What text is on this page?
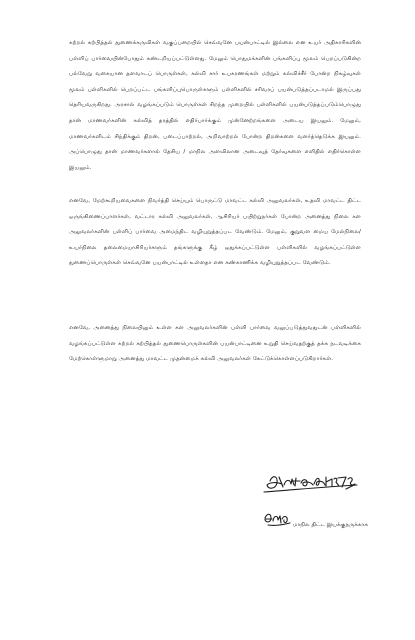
கற்றல் கற்பித்தல் துணைக்கருவிகள் வகுப்பறையில் செவ்வனே பயன்பாட்டில் இல்லை என உயர் அதிகாரிகளின் பள்ளிப் பார்வையின்போதும் கண்டறியப்பட்டுள்ளது. மேலும் பொதுமக்களின் பங்களிப்பு மூலம் பெறப்படுகின்ற பல்வேறு வகையான தளவாடப் பொருள்கள், கல்வி சார் உபகரணங்கள் மற்றும் கல்விச்சீர் போன்ற நிகழ்வுகள் மூலம் பள்ளிகளில் பெறப்பட்ட பங்களிப்புபொருள்களும் பள்ளிகளில் சரிவரப் பயன்படுத்தப்படாமல் இருப்பது தெரியவருகிறது. அரசால் வழங்கப்படும் பொருள்கள் சிறந்த முறையில் பள்ளிகளில் பயன்படுத்தப்படும்பொழுது தான் மாணவர்களின் கல்வித் தரத்தில் எதிர்பார்க்கும் முன்னேற்றங்களை அடைய இயலும். மேலும், மாணவர்களிடம் சிந்திக்கும் திறன், படைப்பாற்றல், அறிவாற்றல் போன்ற திறன்களை வளர்த்தெடுக்க இயலும். அப்பொழுது தான் மாணவர்களால் தேசிய / மாநில அளவிலான அடைவுத் தேர்வுகளை எளிதில் எதிர்கொள்ள இயலும்.

எனவே, மேற்கூறியவைகளை நிவர்த்தி செய்யும் பொருட்டு மாவட்ட கல்வி அலுவலர்கள், உதவி மாவட்ட திட்ட ஒருங்கிணைப்பாளர்கள், வட்டார கல்வி அலுவலர்கள், ஆசிரியர் பயிற்றுநர்கள் போன்ற அனைத்து நிலை கள அலுவலர்களின் பள்ளிப் பார்வை அமைந்திட வழியுறுத்தப்பட வேண்டும். மேலும், குறுவள மைய மேல்நிலை/உயர்நிலை தலைமையாசிரியர்களும் தங்களுக்கு கீழ் ஒதுக்கப்பட்டுள்ள பள்ளிகளில் வழங்கப்பட்டுள்ள துணைப்பொருள்கள் செவ்வனே பயன்பாட்டில் உள்ளதா என கண்காணிக்க வழியுறுத்தப்பட வேண்டும்.

எனவே, அனைத்து நிலையிலும் உள்ள கள அலுவலர்களின் பள்ளி பார்வை வலுப்படுத்துவதுடன் பள்ளிகளில் வழங்கப்பட்டுள்ள கற்றல் கற்பித்தல் துணைபொருள்களின் பயன்பாட்டினை உறுதி செய்வதற்குத் தக்க நடவடிக்கை மேற்கொள்ளுமாறு அனைத்து மாவட்ட முதன்மைக் கல்வி அலுவலர்கள் கேட்டுக்கொள்ளப்படுகிறார்கள்.

மாநில திட்ட இயக்குநருக்காக
